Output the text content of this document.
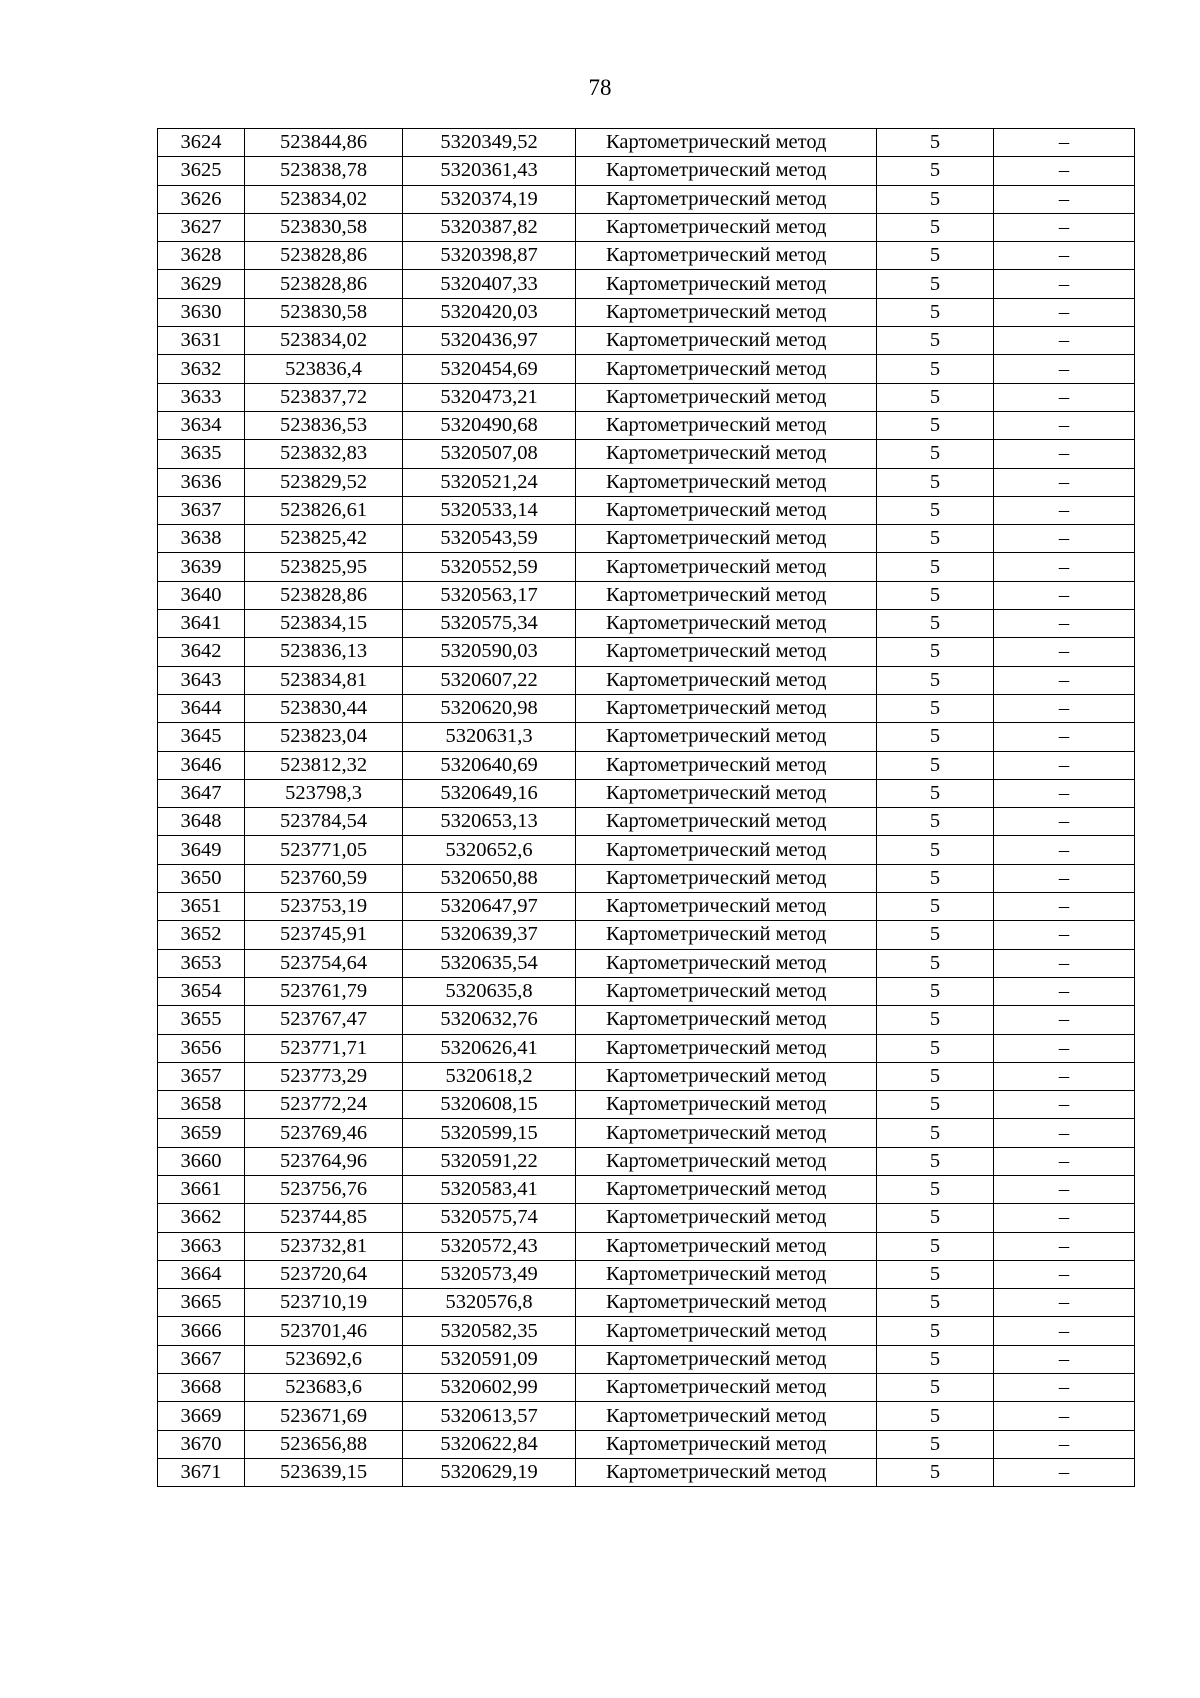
78
3624	523844,86	5320349,52	Картометрический метод	5	–
3625	523838,78	5320361,43	Картометрический метод	5	–
3626	523834,02	5320374,19	Картометрический метод	5	–
3627	523830,58	5320387,82	Картометрический метод	5	–
3628	523828,86	5320398,87	Картометрический метод	5	–
3629	523828,86	5320407,33	Картометрический метод	5	–
3630	523830,58	5320420,03	Картометрический метод	5	–
3631	523834,02	5320436,97	Картометрический метод	5	–
3632	523836,4	5320454,69	Картометрический метод	5	–
3633	523837,72	5320473,21	Картометрический метод	5	–
3634	523836,53	5320490,68	Картометрический метод	5	–
3635	523832,83	5320507,08	Картометрический метод	5	–
3636	523829,52	5320521,24	Картометрический метод	5	–
3637	523826,61	5320533,14	Картометрический метод	5	–
3638	523825,42	5320543,59	Картометрический метод	5	–
3639	523825,95	5320552,59	Картометрический метод	5	–
3640	523828,86	5320563,17	Картометрический метод	5	–
3641	523834,15	5320575,34	Картометрический метод	5	–
3642	523836,13	5320590,03	Картометрический метод	5	–
3643	523834,81	5320607,22	Картометрический метод	5	–
3644	523830,44	5320620,98	Картометрический метод	5	–
3645	523823,04	5320631,3	Картометрический метод	5	–
3646	523812,32	5320640,69	Картометрический метод	5	–
3647	523798,3	5320649,16	Картометрический метод	5	–
3648	523784,54	5320653,13	Картометрический метод	5	–
3649	523771,05	5320652,6	Картометрический метод	5	–
3650	523760,59	5320650,88	Картометрический метод	5	–
3651	523753,19	5320647,97	Картометрический метод	5	–
3652	523745,91	5320639,37	Картометрический метод	5	–
3653	523754,64	5320635,54	Картометрический метод	5	–
3654	523761,79	5320635,8	Картометрический метод	5	–
3655	523767,47	5320632,76	Картометрический метод	5	–
3656	523771,71	5320626,41	Картометрический метод	5	–
3657	523773,29	5320618,2	Картометрический метод	5	–
3658	523772,24	5320608,15	Картометрический метод	5	–
3659	523769,46	5320599,15	Картометрический метод	5	–
3660	523764,96	5320591,22	Картометрический метод	5	–
3661	523756,76	5320583,41	Картометрический метод	5	–
3662	523744,85	5320575,74	Картометрический метод	5	–
3663	523732,81	5320572,43	Картометрический метод	5	–
3664	523720,64	5320573,49	Картометрический метод	5	–
3665	523710,19	5320576,8	Картометрический метод	5	–
3666	523701,46	5320582,35	Картометрический метод	5	–
3667	523692,6	5320591,09	Картометрический метод	5	–
3668	523683,6	5320602,99	Картометрический метод	5	–
3669	523671,69	5320613,57	Картометрический метод	5	–
3670	523656,88	5320622,84	Картометрический метод	5	–
3671	523639,15	5320629,19	Картометрический метод	5	–
